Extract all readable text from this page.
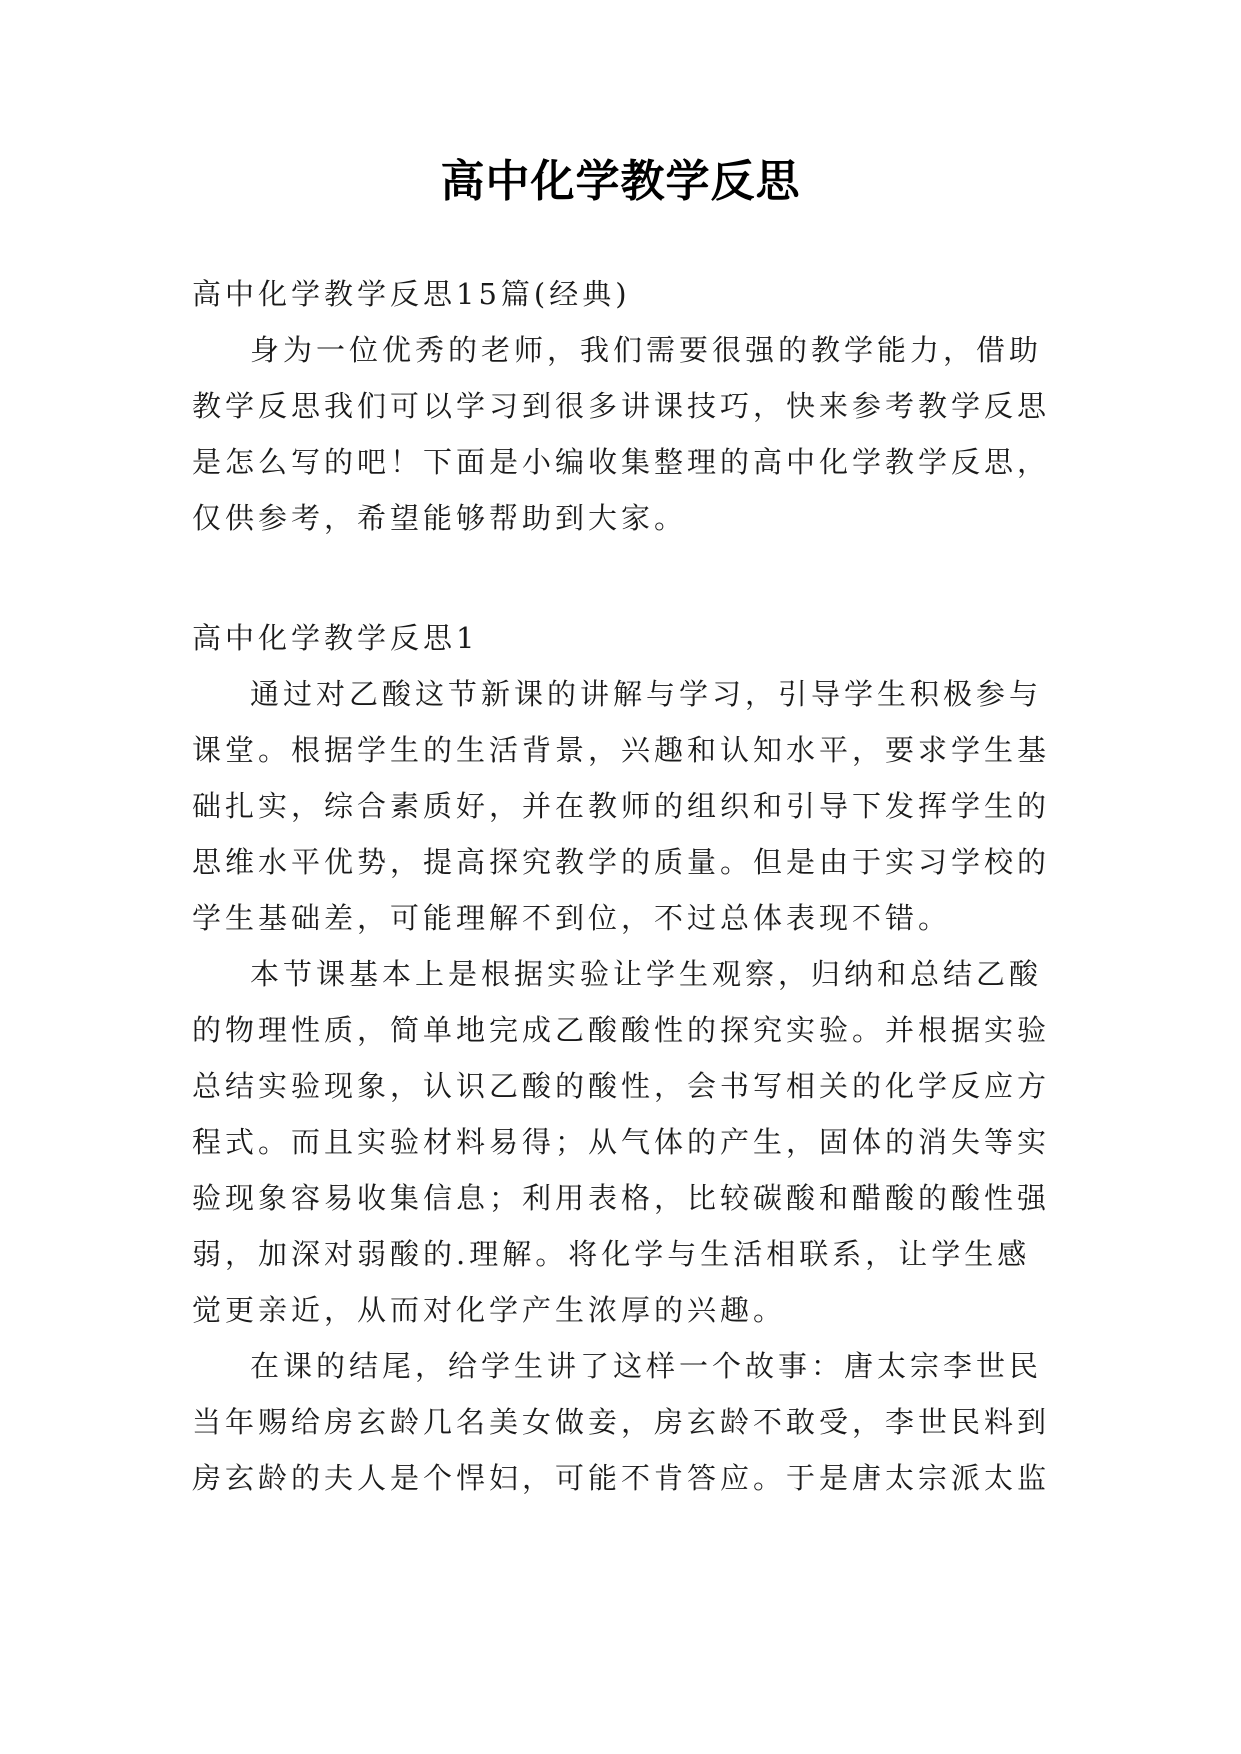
高中化学教学反思
高中化学教学反思15篇(经典)
身为一位优秀的老师，我们需要很强的教学能力，借助
教学反思我们可以学习到很多讲课技巧，快来参考教学反思
是怎么写的吧！下面是小编收集整理的高中化学教学反思，
仅供参考，希望能够帮助到大家。
高中化学教学反思1
通过对乙酸这节新课的讲解与学习，引导学生积极参与
课堂。根据学生的生活背景，兴趣和认知水平，要求学生基
础扎实，综合素质好，并在教师的组织和引导下发挥学生的
思维水平优势，提高探究教学的质量。但是由于实习学校的
学生基础差，可能理解不到位，不过总体表现不错。
本节课基本上是根据实验让学生观察，归纳和总结乙酸
的物理性质，简单地完成乙酸酸性的探究实验。并根据实验
总结实验现象，认识乙酸的酸性，会书写相关的化学反应方
程式。而且实验材料易得；从气体的产生，固体的消失等实
验现象容易收集信息；利用表格，比较碳酸和醋酸的酸性强
弱，加深对弱酸的.理解。将化学与生活相联系，让学生感
觉更亲近，从而对化学产生浓厚的兴趣。
在课的结尾，给学生讲了这样一个故事：唐太宗李世民
当年赐给房玄龄几名美女做妾，房玄龄不敢受，李世民料到
房玄龄的夫人是个悍妇，可能不肯答应。于是唐太宗派太监
